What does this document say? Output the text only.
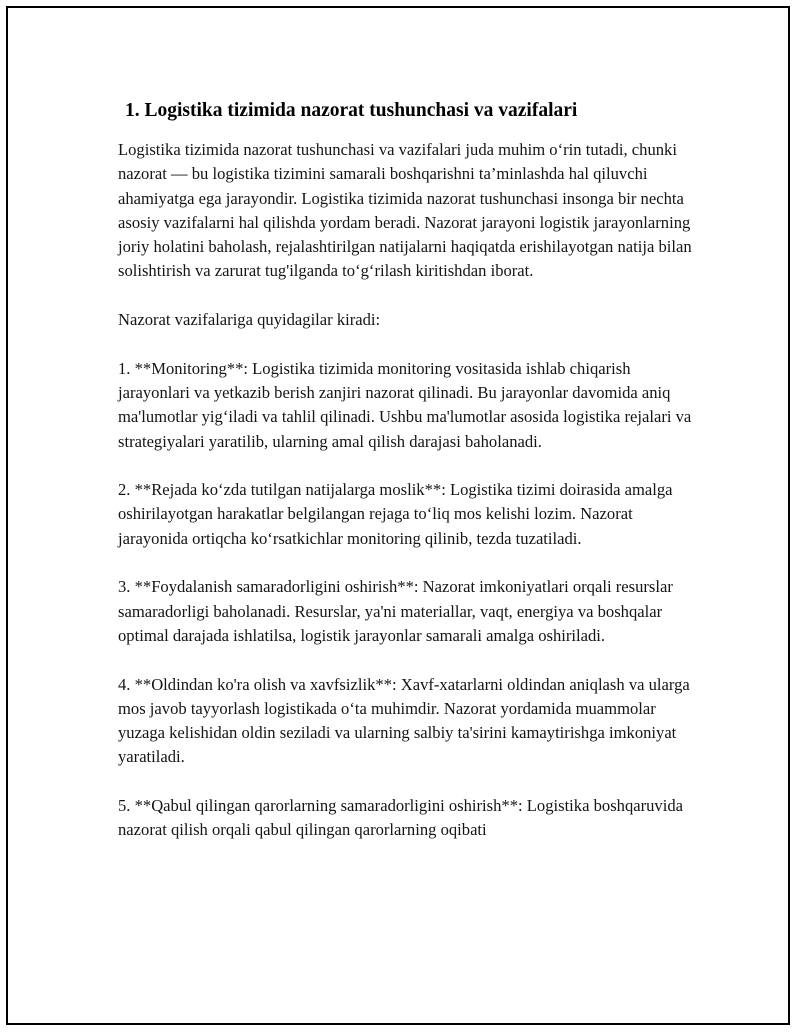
1. Logistika tizimida nazorat tushunchasi va vazifalari

Logistika tizimida nazorat tushunchasi va vazifalari juda muhim o‘rin tutadi, chunki nazorat — bu logistika tizimini samarali boshqarishni ta’minlashda hal qiluvchi ahamiyatga ega jarayondir. Logistika tizimida nazorat tushunchasi insonga bir nechta asosiy vazifalarni hal qilishda yordam beradi. Nazorat jarayoni logistik jarayonlarning joriy holatini baholash, rejalashtirilgan natijalarni haqiqatda erishilayotgan natija bilan solishtirish va zarurat tug'ilganda to‘g‘rilash kiritishdan iborat.

Nazorat vazifalariga quyidagilar kiradi:

1. **Monitoring**: Logistika tizimida monitoring vositasida ishlab chiqarish jarayonlari va yetkazib berish zanjiri nazorat qilinadi. Bu jarayonlar davomida aniq ma'lumotlar yig‘iladi va tahlil qilinadi. Ushbu ma'lumotlar asosida logistika rejalari va strategiyalari yaratilib, ularning amal qilish darajasi baholanadi.

2. **Rejada ko‘zda tutilgan natijalarga moslik**: Logistika tizimi doirasida amalga oshirilayotgan harakatlar belgilangan rejaga to‘liq mos kelishi lozim. Nazorat jarayonida ortiqcha ko‘rsatkichlar monitoring qilinib, tezda tuzatiladi.

3. **Foydalanish samaradorligini oshirish**: Nazorat imkoniyatlari orqali resurslar samaradorligi baholanadi. Resurslar, ya'ni materiallar, vaqt, energiya va boshqalar optimal darajada ishlatilsa, logistik jarayonlar samarali amalga oshiriladi.

4. **Oldindan ko'ra olish va xavfsizlik**: Xavf-xatarlarni oldindan aniqlash va ularga mos javob tayyorlash logistikada o‘ta muhimdir. Nazorat yordamida muammolar yuzaga kelishidan oldin seziladi va ularning salbiy ta'sirini kamaytirishga imkoniyat yaratiladi.

5. **Qabul qilingan qarorlarning samaradorligini oshirish**: Logistika boshqaruvida nazorat qilish orqali qabul qilingan qarorlarning oqibati
